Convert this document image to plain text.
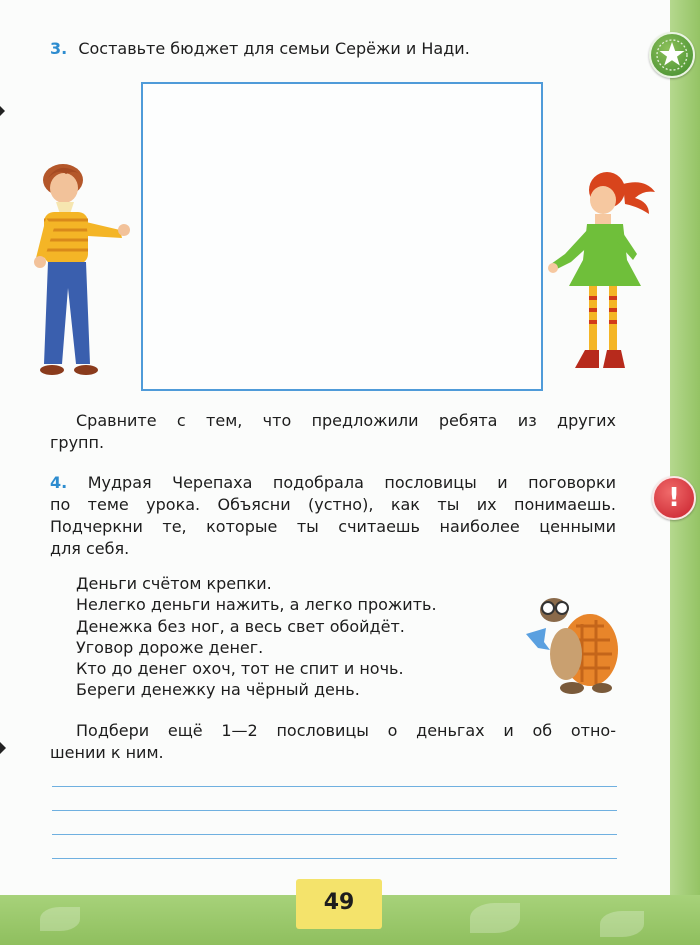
3. Составьте бюджет для семьи Серёжи и Нади.
Сравните с тем, что предложили ребята из других
групп.
4. Мудрая Черепаха подобрала пословицы и поговорки
по теме урока. Объясни (устно), как ты их понимаешь.
Подчеркни те, которые ты считаешь наиболее ценными
для себя.
!
Деньги счётом крепки.
Нелегко деньги нажить, а легко прожить.
Денежка без ног, а весь свет обойдёт.
Уговор дороже денег.
Кто до денег охоч, тот не спит и ночь.
Береги денежку на чёрный день.
Подбери ещё 1—2 пословицы о деньгах и об отно-
шении к ним.
49
